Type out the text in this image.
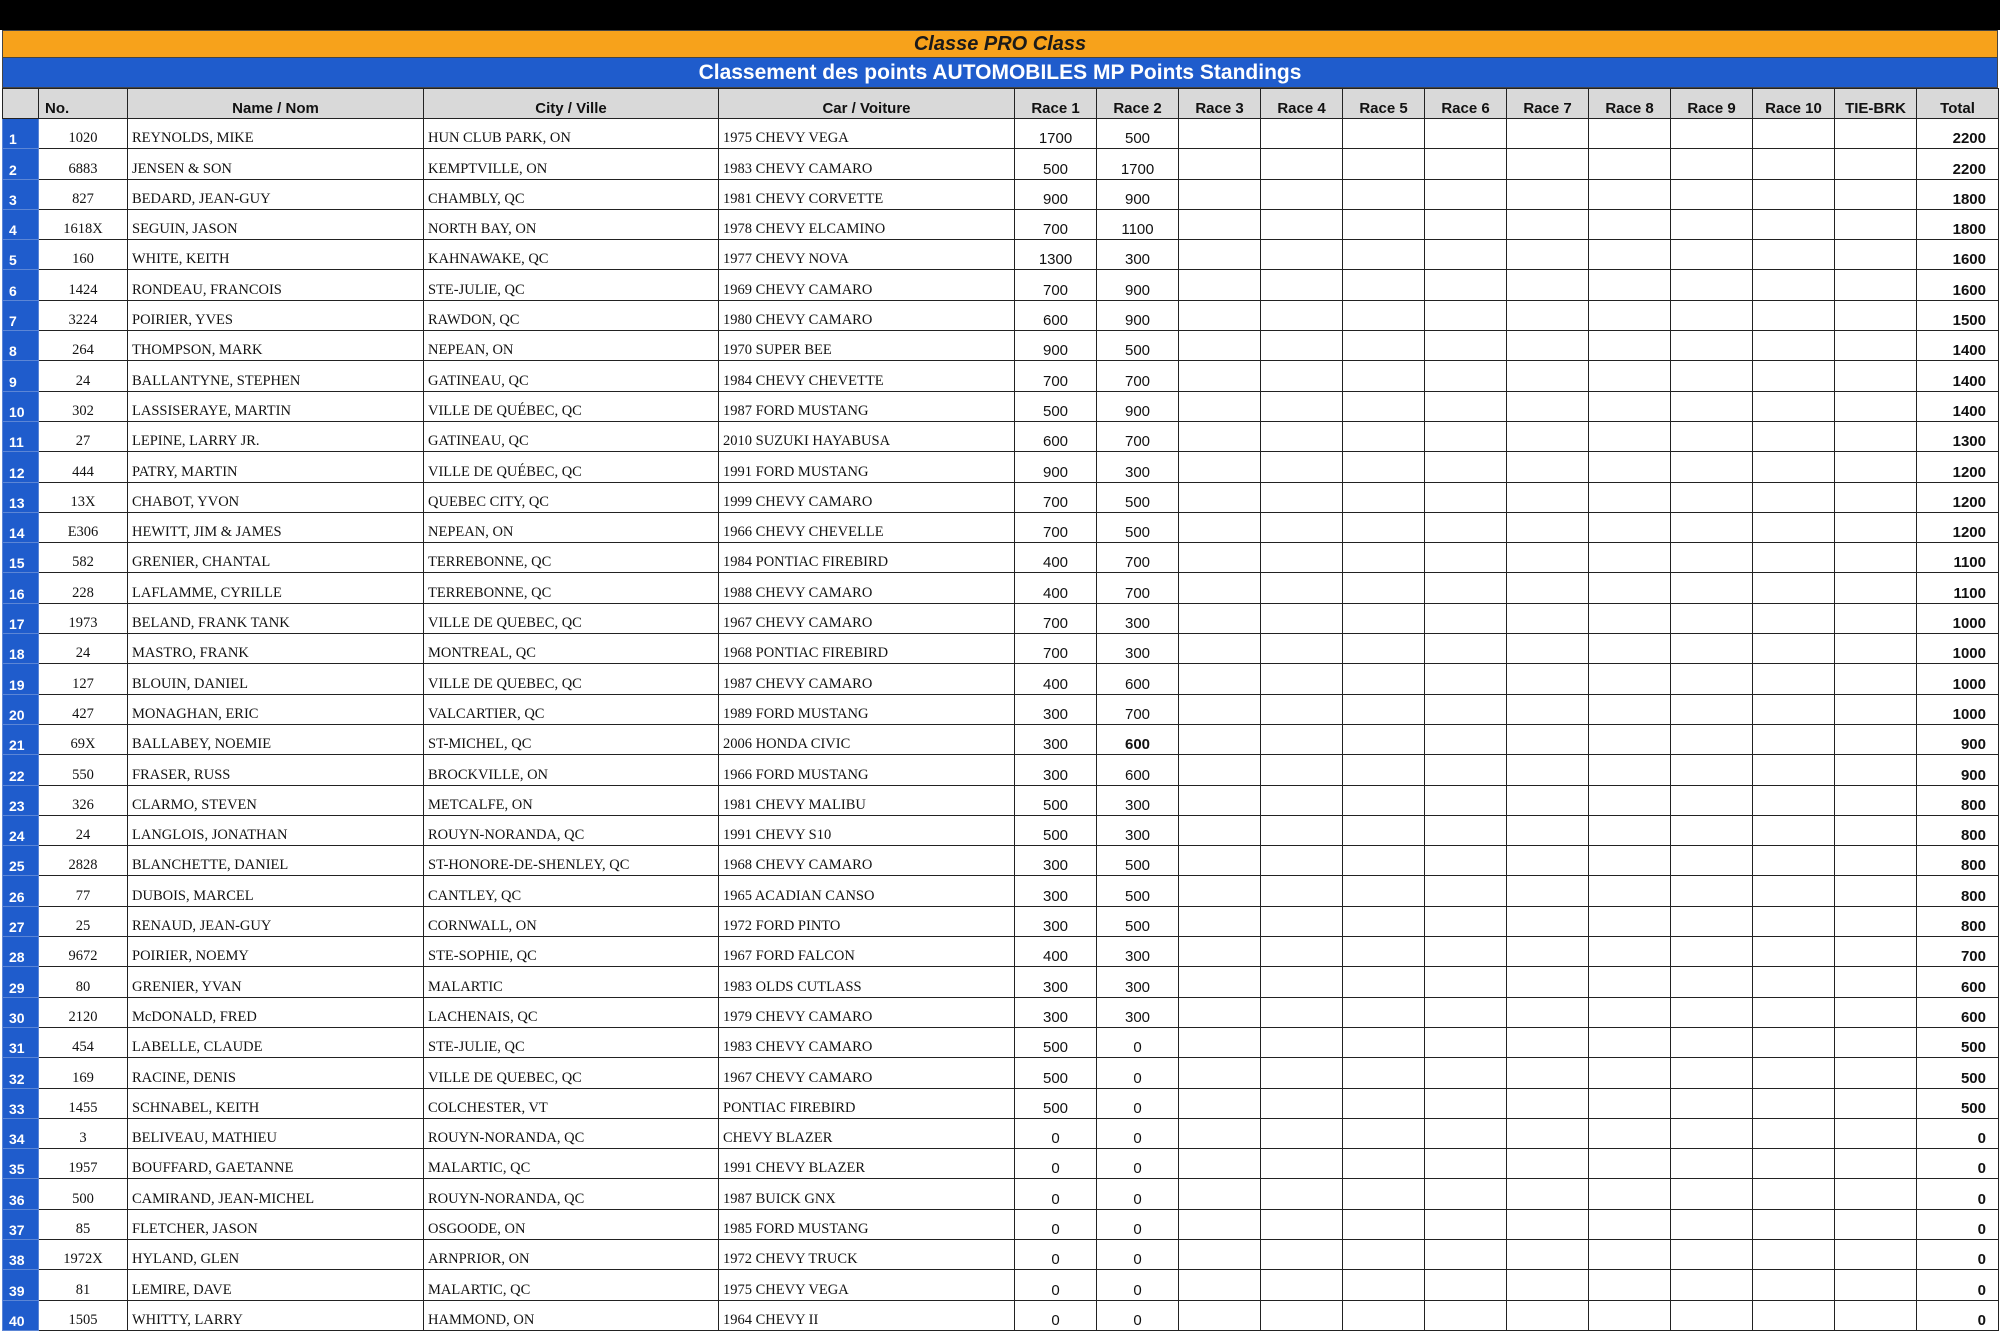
Classe PRO Class
Classement des points AUTOMOBILES MP Points Standings
	No.	Name / Nom	City / Ville	Car / Voiture	Race 1	Race 2	Race 3	Race 4	Race 5	Race 6	Race 7	Race 8	Race 9	Race 10	TIE-BRK	Total
1	1020	REYNOLDS, MIKE	HUN CLUB PARK, ON	1975 CHEVY VEGA	1700	500										2200
2	6883	JENSEN & SON	KEMPTVILLE, ON	1983 CHEVY CAMARO	500	1700										2200
3	827	BEDARD, JEAN-GUY	CHAMBLY, QC	1981 CHEVY CORVETTE	900	900										1800
4	1618X	SEGUIN, JASON	NORTH BAY, ON	1978 CHEVY ELCAMINO	700	1100										1800
5	160	WHITE, KEITH	KAHNAWAKE, QC	1977 CHEVY NOVA	1300	300										1600
6	1424	RONDEAU, FRANCOIS	STE-JULIE, QC	1969 CHEVY CAMARO	700	900										1600
7	3224	POIRIER, YVES	RAWDON, QC	1980 CHEVY CAMARO	600	900										1500
8	264	THOMPSON, MARK	NEPEAN, ON	1970 SUPER BEE	900	500										1400
9	24	BALLANTYNE, STEPHEN	GATINEAU, QC	1984 CHEVY CHEVETTE	700	700										1400
10	302	LASSISERAYE, MARTIN	VILLE DE QUÉBEC, QC	1987 FORD MUSTANG	500	900										1400
11	27	LEPINE, LARRY JR.	GATINEAU, QC	2010 SUZUKI HAYABUSA	600	700										1300
12	444	PATRY, MARTIN	VILLE DE QUÉBEC, QC	1991 FORD MUSTANG	900	300										1200
13	13X	CHABOT, YVON	QUEBEC CITY, QC	1999 CHEVY CAMARO	700	500										1200
14	E306	HEWITT, JIM & JAMES	NEPEAN, ON	1966 CHEVY CHEVELLE	700	500										1200
15	582	GRENIER, CHANTAL	TERREBONNE, QC	1984 PONTIAC FIREBIRD	400	700										1100
16	228	LAFLAMME, CYRILLE	TERREBONNE, QC	1988 CHEVY CAMARO	400	700										1100
17	1973	BELAND, FRANK TANK	VILLE DE QUEBEC, QC	1967 CHEVY CAMARO	700	300										1000
18	24	MASTRO, FRANK	MONTREAL, QC	1968 PONTIAC FIREBIRD	700	300										1000
19	127	BLOUIN, DANIEL	VILLE DE QUEBEC, QC	1987 CHEVY CAMARO	400	600										1000
20	427	MONAGHAN, ERIC	VALCARTIER, QC	1989 FORD MUSTANG	300	700										1000
21	69X	BALLABEY, NOEMIE	ST-MICHEL, QC	2006 HONDA CIVIC	300	600										900
22	550	FRASER, RUSS	BROCKVILLE, ON	1966 FORD MUSTANG	300	600										900
23	326	CLARMO, STEVEN	METCALFE, ON	1981 CHEVY MALIBU	500	300										800
24	24	LANGLOIS, JONATHAN	ROUYN-NORANDA, QC	1991 CHEVY S10	500	300										800
25	2828	BLANCHETTE, DANIEL	ST-HONORE-DE-SHENLEY, QC	1968 CHEVY CAMARO	300	500										800
26	77	DUBOIS, MARCEL	CANTLEY, QC	1965 ACADIAN CANSO	300	500										800
27	25	RENAUD, JEAN-GUY	CORNWALL, ON	1972 FORD PINTO	300	500										800
28	9672	POIRIER, NOEMY	STE-SOPHIE, QC	1967 FORD FALCON	400	300										700
29	80	GRENIER, YVAN	MALARTIC	1983 OLDS CUTLASS	300	300										600
30	2120	McDONALD, FRED	LACHENAIS, QC	1979 CHEVY CAMARO	300	300										600
31	454	LABELLE, CLAUDE	STE-JULIE, QC	1983 CHEVY CAMARO	500	0										500
32	169	RACINE, DENIS	VILLE DE QUEBEC, QC	1967 CHEVY CAMARO	500	0										500
33	1455	SCHNABEL, KEITH	COLCHESTER, VT	PONTIAC FIREBIRD	500	0										500
34	3	BELIVEAU, MATHIEU	ROUYN-NORANDA, QC	CHEVY BLAZER	0	0										0
35	1957	BOUFFARD, GAETANNE	MALARTIC, QC	1991 CHEVY BLAZER	0	0										0
36	500	CAMIRAND, JEAN-MICHEL	ROUYN-NORANDA, QC	1987 BUICK GNX	0	0										0
37	85	FLETCHER, JASON	OSGOODE, ON	1985 FORD MUSTANG	0	0										0
38	1972X	HYLAND, GLEN	ARNPRIOR, ON	1972 CHEVY TRUCK	0	0										0
39	81	LEMIRE, DAVE	MALARTIC, QC	1975 CHEVY VEGA	0	0										0
40	1505	WHITTY, LARRY	HAMMOND, ON	1964 CHEVY II	0	0										0
